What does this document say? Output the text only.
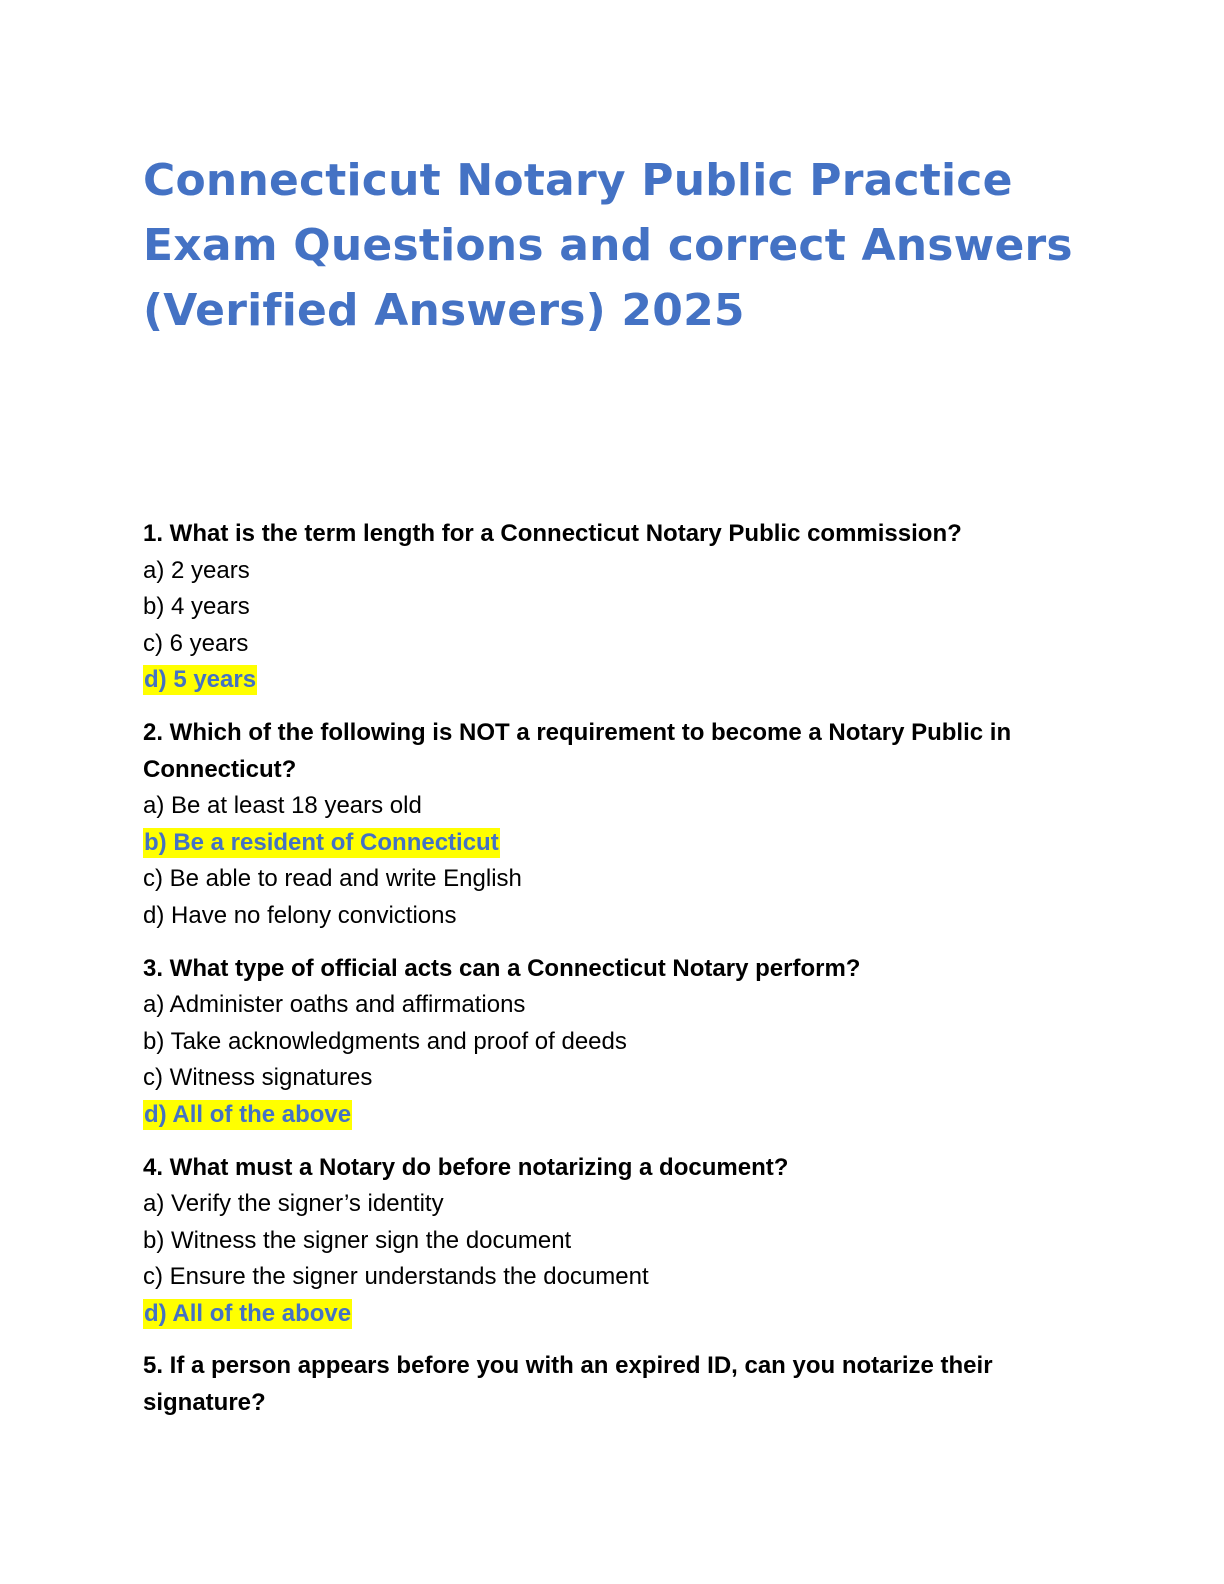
Connecticut Notary Public Practice
Exam Questions and correct Answers
(Verified Answers) 2025

1. What is the term length for a Connecticut Notary Public commission?

a) 2 years

b) 4 years

c) 6 years

d) 5 years

2. Which of the following is NOT a requirement to become a Notary Public in Connecticut?

a) Be at least 18 years old

b) Be a resident of Connecticut

c) Be able to read and write English

d) Have no felony convictions

3. What type of official acts can a Connecticut Notary perform?

a) Administer oaths and affirmations

b) Take acknowledgments and proof of deeds

c) Witness signatures

d) All of the above

4. What must a Notary do before notarizing a document?

a) Verify the signer’s identity

b) Witness the signer sign the document

c) Ensure the signer understands the document

d) All of the above

5. If a person appears before you with an expired ID, can you notarize their signature?
